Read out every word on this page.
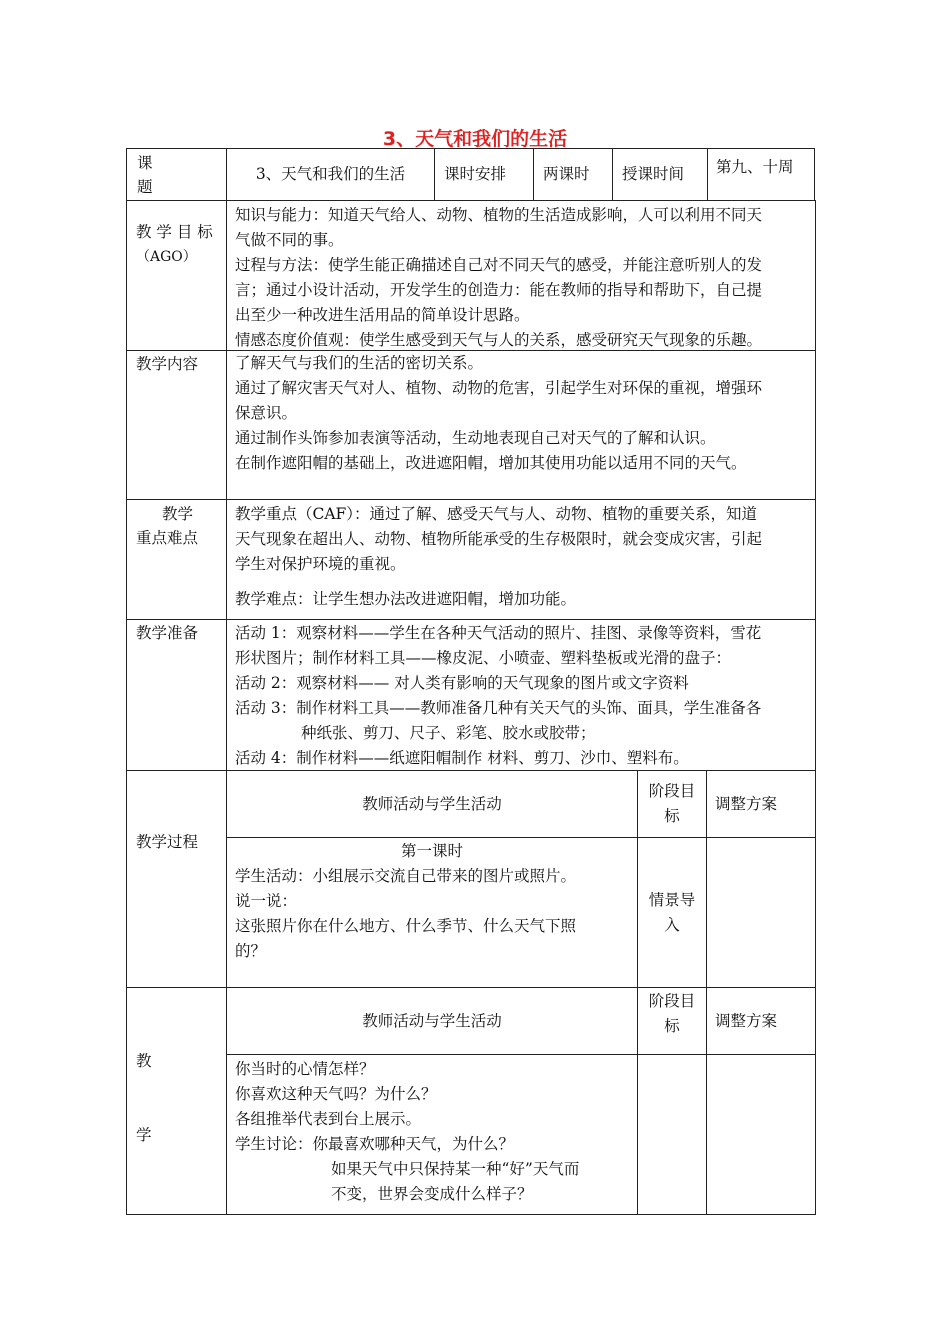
3、天气和我们的生活
课
题
3、天气和我们的生活	课时安排 两课时 授课时间 第九、十周
教 学 目 标
（AGO）

知识与能力：知道天气给人、动物、植物的生活造成影响，人可以利用不同天

气做不同的事。

过程与方法：使学生能正确描述自己对不同天气的感受，并能注意听别人的发

言；通过小设计活动，开发学生的创造力：能在教师的指导和帮助下，自己提

出至少一种改进生活用品的简单设计思路。

情感态度价值观：使学生感受到天气与人的关系，感受研究天气现象的乐趣。

教学内容 了解天气与我们的生活的密切关系。

通过了解灾害天气对人、植物、动物的危害，引起学生对环保的重视，增强环

保意识。

通过制作头饰参加表演等活动，生动地表现自己对天气的了解和认识。

在制作遮阳帽的基础上，改进遮阳帽，增加其使用功能以适用不同的天气。

教学
重点难点

教学重点（CAF）：通过了解、感受天气与人、动物、植物的重要关系，知道

天气现象在超出人、动物、植物所能承受的生存极限时，就会变成灾害，引起

学生对保护环境的重视。

教学难点：让学生想办法改进遮阳帽，增加功能。

教学准备 活动 1：观察材料——学生在各种天气活动的照片、挂图、录像等资料，雪花

形状图片；制作材料工具——橡皮泥、小喷壶、塑料垫板或光滑的盘子：

活动 2：观察材料—— 对人类有影响的天气现象的图片或文字资料

活动 3：制作材料工具——教师准备几种有关天气的头饰、面具，学生准备各

种纸张、剪刀、尺子、彩笔、胶水或胶带；

活动 4：制作材料——纸遮阳帽制作 材料、剪刀、沙巾、塑料布。

教学过程
教师活动与学生活动
阶段目
标
调整方案
第一课时

学生活动：小组展示交流自己带来的图片或照片。

说一说：

这张照片你在什么地方、什么季节、什么天气下照

的？

情景导
入
教
学
教师活动与学生活动
阶段目
标	调整方案

你当时的心情怎样？

你喜欢这种天气吗？为什么？

各组推举代表到台上展示。

学生讨论：你最喜欢哪种天气，为什么？

如果天气中只保持某一种“好”天气而

不变，世界会变成什么样子？
